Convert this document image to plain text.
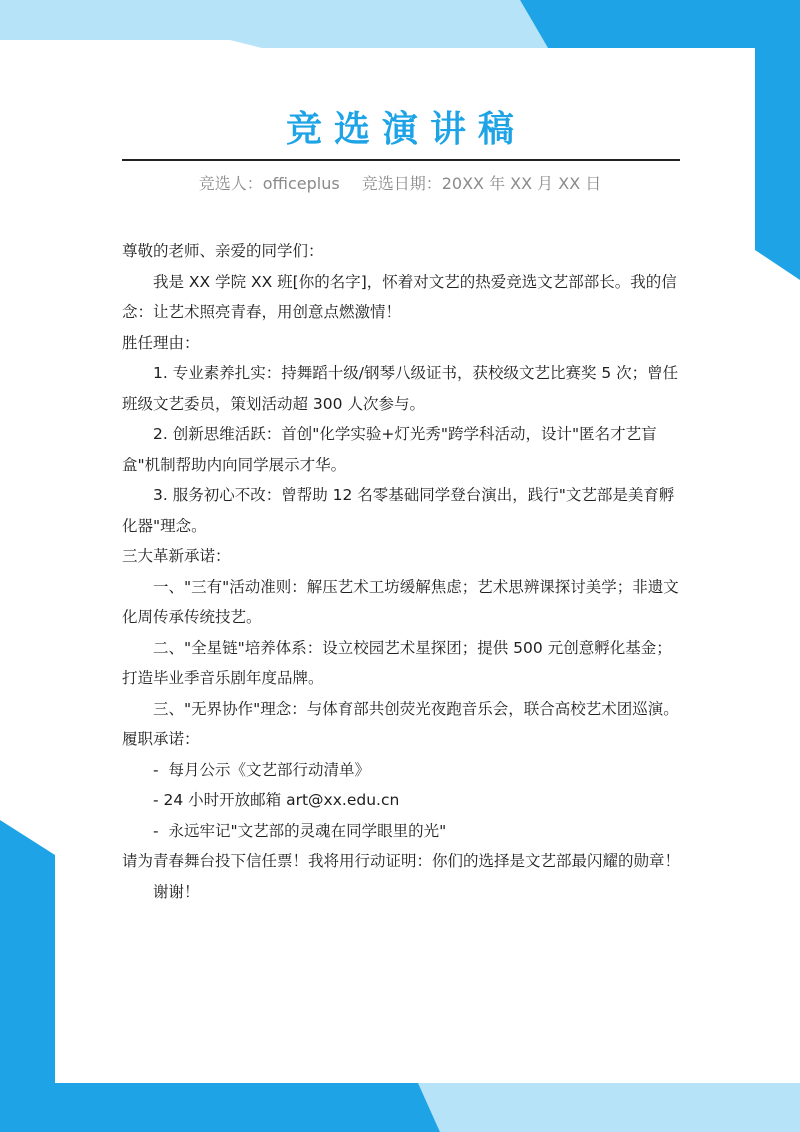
竞选演讲稿
竞选人：officeplus 竞选日期：20XX 年 XX 月 XX 日

尊敬的老师、亲爱的同学们：

我是 XX 学院 XX 班[你的名字]，怀着对文艺的热爱竞选文艺部部长。我的信念：让艺术照亮青春，用创意点燃激情！

胜任理由：

1. 专业素养扎实：持舞蹈十级/钢琴八级证书，获校级文艺比赛奖 5 次；曾任班级文艺委员，策划活动超 300 人次参与。

2. 创新思维活跃：首创"化学实验+灯光秀"跨学科活动，设计"匿名才艺盲盒"机制帮助内向同学展示才华。

3. 服务初心不改：曾帮助 12 名零基础同学登台演出，践行"文艺部是美育孵化器"理念。

三大革新承诺：

一、"三有"活动准则：解压艺术工坊缓解焦虑；艺术思辨课探讨美学；非遗文化周传承传统技艺。

二、"全星链"培养体系：设立校园艺术星探团；提供 500 元创意孵化基金；打造毕业季音乐剧年度品牌。

三、"无界协作"理念：与体育部共创荧光夜跑音乐会，联合高校艺术团巡演。

履职承诺：

-  每月公示《文艺部行动清单》

- 24 小时开放邮箱 art@xx.edu.cn

-  永远牢记"文艺部的灵魂在同学眼里的光"

请为青春舞台投下信任票！我将用行动证明：你们的选择是文艺部最闪耀的勋章！

谢谢！
